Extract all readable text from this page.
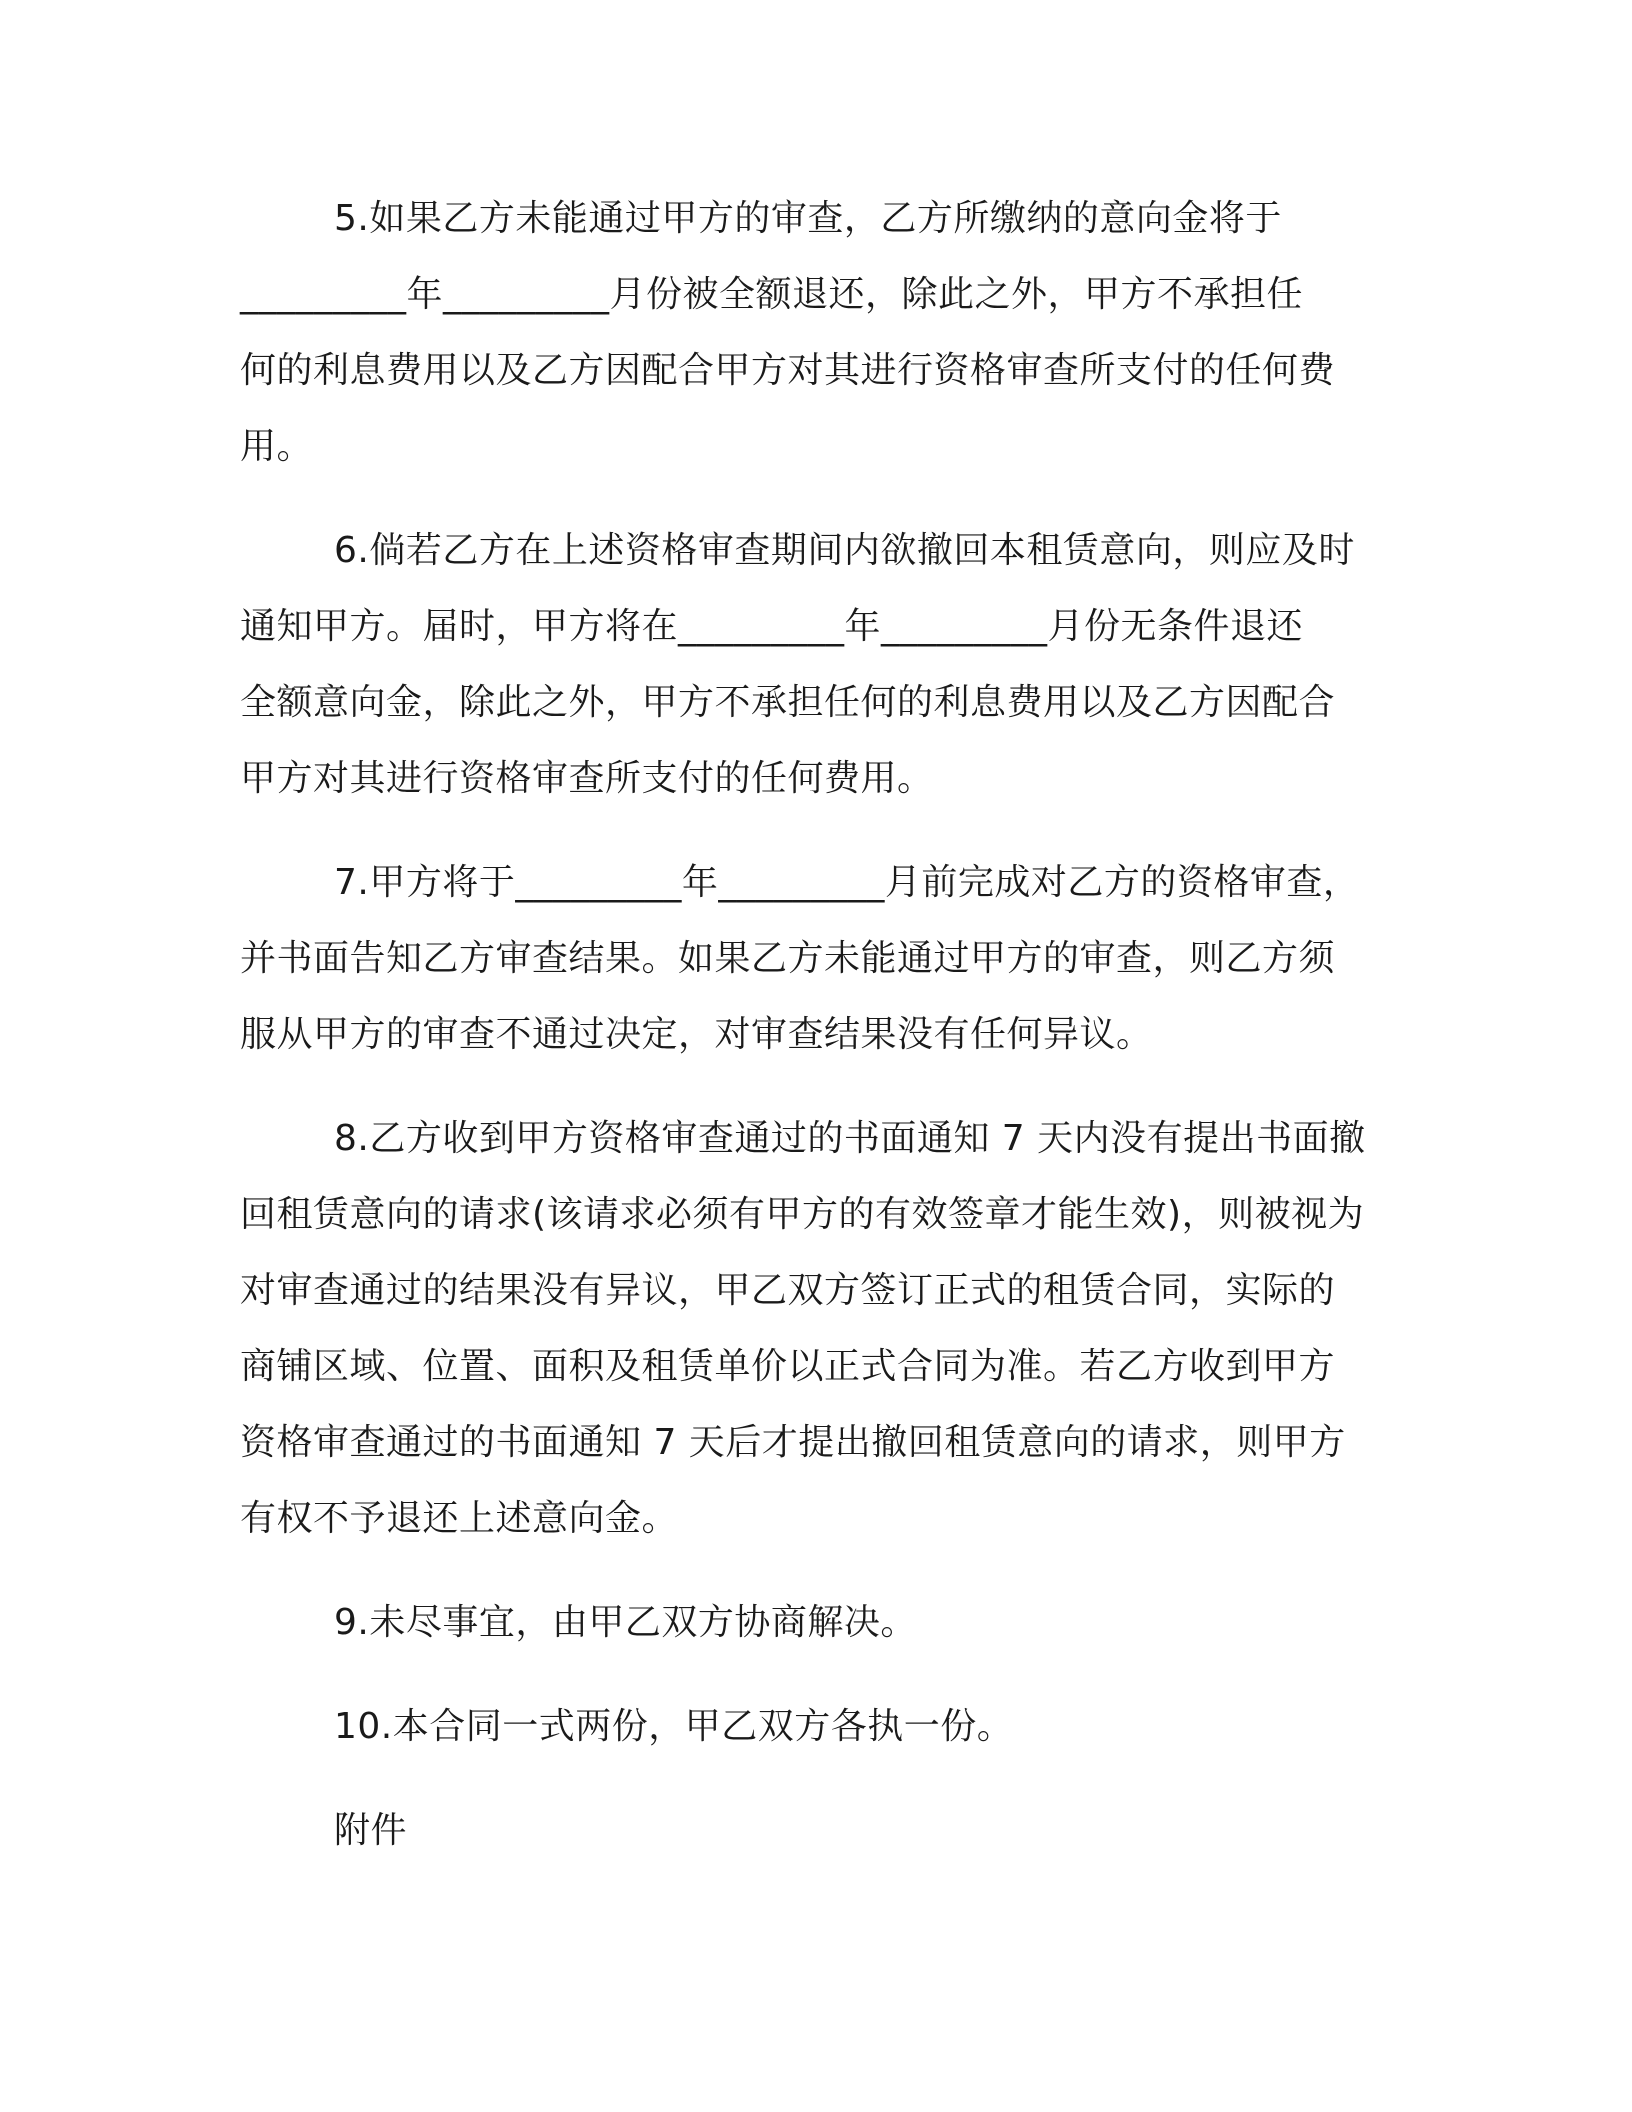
5.如果乙方未能通过甲方的审查，乙方所缴纳的意向金将于
_________年_________月份被全额退还，除此之外，甲方不承担任
何的利息费用以及乙方因配合甲方对其进行资格审查所支付的任何费
用。
6.倘若乙方在上述资格审查期间内欲撤回本租赁意向，则应及时
通知甲方。届时，甲方将在_________年_________月份无条件退还
全额意向金，除此之外，甲方不承担任何的利息费用以及乙方因配合
甲方对其进行资格审查所支付的任何费用。
7.甲方将于_________年_________月前完成对乙方的资格审查，
并书面告知乙方审查结果。如果乙方未能通过甲方的审查，则乙方须
服从甲方的审查不通过决定，对审查结果没有任何异议。
8.乙方收到甲方资格审查通过的书面通知 7 天内没有提出书面撤
回租赁意向的请求(该请求必须有甲方的有效签章才能生效)，则被视为
对审查通过的结果没有异议，甲乙双方签订正式的租赁合同，实际的
商铺区域、位置、面积及租赁单价以正式合同为准。若乙方收到甲方
资格审查通过的书面通知 7 天后才提出撤回租赁意向的请求，则甲方
有权不予退还上述意向金。
9.未尽事宜，由甲乙双方协商解决。
10.本合同一式两份，甲乙双方各执一份。
附件
